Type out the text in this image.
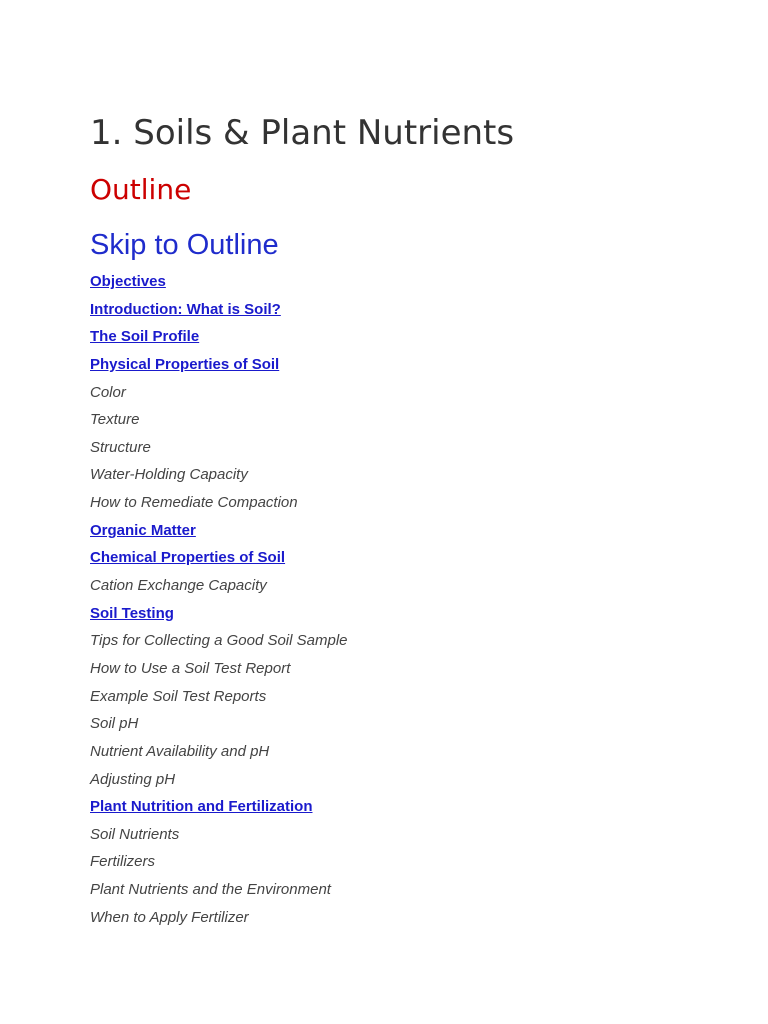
1. Soils & Plant Nutrients
Outline
Skip to Outline
Objectives
Introduction: What is Soil?
The Soil Profile
Physical Properties of Soil
Color
Texture
Structure
Water-Holding Capacity
How to Remediate Compaction
Organic Matter
Chemical Properties of Soil
Cation Exchange Capacity
Soil Testing
Tips for Collecting a Good Soil Sample
How to Use a Soil Test Report
Example Soil Test Reports
Soil pH
Nutrient Availability and pH
Adjusting pH
Plant Nutrition and Fertilization
Soil Nutrients
Fertilizers
Plant Nutrients and the Environment
When to Apply Fertilizer
